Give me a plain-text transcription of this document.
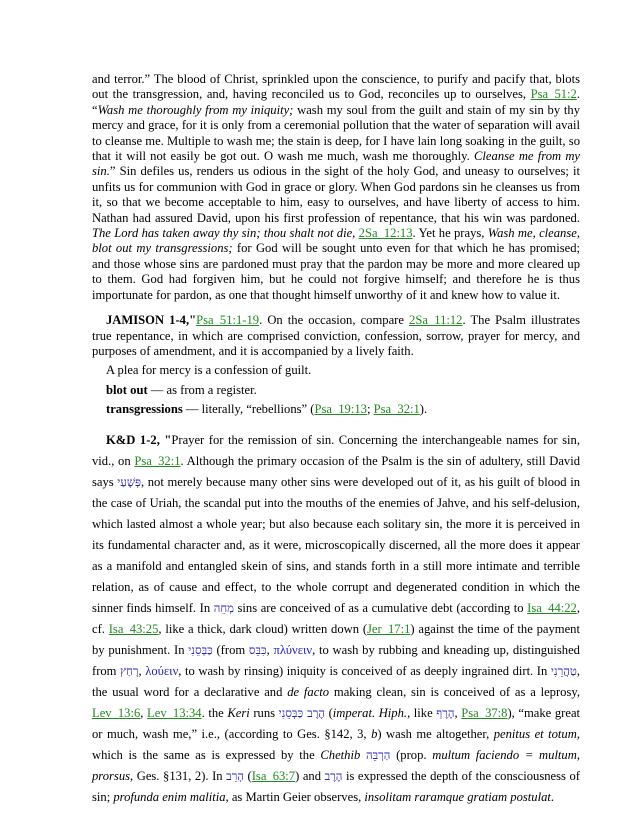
and terror.” The blood of Christ, sprinkled upon the conscience, to purify and pacify that, blots out the transgression, and, having reconciled us to God, reconciles up to ourselves, Psa_51:2. “Wash me thoroughly from my iniquity; wash my soul from the guilt and stain of my sin by thy mercy and grace, for it is only from a ceremonial pollution that the water of separation will avail to cleanse me. Multiple to wash me; the stain is deep, for I have lain long soaking in the guilt, so that it will not easily be got out. O wash me much, wash me thoroughly. Cleanse me from my sin.” Sin defiles us, renders us odious in the sight of the holy God, and uneasy to ourselves; it unfits us for communion with God in grace or glory. When God pardons sin he cleanses us from it, so that we become acceptable to him, easy to ourselves, and have liberty of access to him. Nathan had assured David, upon his first profession of repentance, that his win was pardoned. The Lord has taken away thy sin; thou shalt not die, 2Sa_12:13. Yet he prays, Wash me, cleanse, blot out my transgressions; for God will be sought unto even for that which he has promised; and those whose sins are pardoned must pray that the pardon may be more and more cleared up to them. God had forgiven him, but he could not forgive himself; and therefore he is thus importunate for pardon, as one that thought himself unworthy of it and knew how to value it.

JAMISON 1-4,"Psa_51:1-19. On the occasion, compare 2Sa_11:12. The Psalm illustrates true repentance, in which are comprised conviction, confession, sorrow, prayer for mercy, and purposes of amendment, and it is accompanied by a lively faith.

A plea for mercy is a confession of guilt.
blot out — as from a register.
transgressions — literally, “rebellions” (Psa_19:13; Psa_32:1).

K&D 1-2, "Prayer for the remission of sin. Concerning the interchangeable names for sin, vid., on Psa_32:1. Although the primary occasion of the Psalm is the sin of adultery, still David says פְּשָׁעַי, not merely because many other sins were developed out of it, as his guilt of blood in the case of Uriah, the scandal put into the mouths of the enemies of Jahve, and his self-delusion, which lasted almost a whole year; but also because each solitary sin, the more it is perceived in its fundamental character and, as it were, microscopically discerned, all the more does it appear as a manifold and entangled skein of sins, and stands forth in a still more intimate and terrible relation, as of cause and effect, to the whole corrupt and degenerated condition in which the sinner finds himself. In מְחֵה sins are conceived of as a cumulative debt (according to Isa_44:22, cf. Isa_43:25, like a thick, dark cloud) written down (Jer_17:1) against the time of the payment by punishment. In כַּבְּסֵנִי (from כִּבֵּס, πλύνειν, to wash by rubbing and kneading up, distinguished from רָחַץ, λούειν, to wash by rinsing) iniquity is conceived of as deeply ingrained dirt. In טַהֲרֵנִי, the usual word for a declarative and de facto making clean, sin is conceived of as a leprosy, Lev_13:6, Lev_13:34. the Keri runs הֶרֶב כַּבְּסֵנִי (imperat. Hiph., like הֶרֶף, Psa_37:8), “make great or much, wash me,” i.e., (according to Ges. §142, 3, b) wash me altogether, penitus et totum, which is the same as is expressed by the Chethib הַרְבֵּה (prop. multum faciendo = multum, prorsus, Ges. §131, 2). In הָרֵב (Isa_63:7) and הֶרֶב is expressed the depth of the consciousness of sin; profunda enim malitia, as Martin Geier observes, insolitam raramque gratiam postulat.
